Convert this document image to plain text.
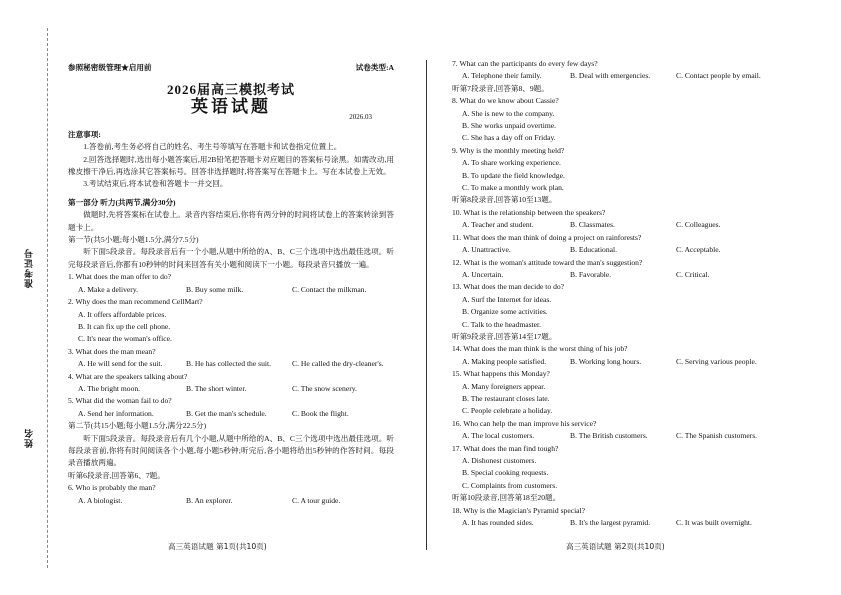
准考证号
姓名
参照秘密级管理★启用前	试卷类型:A
2026届高三模拟考试
英语试题	2026.03
注意事项:
1.答卷前,考生务必将自己的姓名、考生号等填写在答题卡和试卷指定位置上。
2.回答选择题时,选出每小题答案后,用2B铅笔把答题卡对应题目的答案标号涂黑。如需改动,用橡皮擦干净后,再选涂其它答案标号。回答非选择题时,将答案写在答题卡上。写在本试卷上无效。
3.考试结束后,将本试卷和答题卡一并交回。
第一部分 听力(共两节,满分30分)
做题时,先将答案标在试卷上。录音内容结束后,你将有两分钟的时间将试卷上的答案转涂到答题卡上。
第一节(共5小题;每小题1.5分,满分7.5分)
听下面5段录音。每段录音后有一个小题,从题中所给的A、B、C三个选项中选出最佳选项。听完每段录音后,你都有10秒钟的时间来回答有关小题和阅读下一小题。每段录音只播放一遍。
1. What does the man offer to do?
A. Make a delivery.	B. Buy some milk.	C. Contact the milkman.
2. Why does the man recommend CellMart?
A. It offers affordable prices.
B. It can fix up the cell phone.
C. It's near the woman's office.
3. What does the man mean?
A. He will send for the suit.	B. He has collected the suit.	C. He called the dry-cleaner's.
4. What are the speakers talking about?
A. The bright moon.	B. The short winter.	C. The snow scenery.
5. What did the woman fail to do?
A. Send her information.	B. Get the man's schedule.	C. Book the flight.
第二节(共15小题;每小题1.5分,满分22.5分)
听下面5段录音。每段录音后有几个小题,从题中所给的A、B、C三个选项中选出最佳选项。听每段录音前,你将有时间阅读各个小题,每小题5秒钟;听完后,各小题将给出5秒钟的作答时间。每段录音播放两遍。
听第6段录音,回答第6、7题。
6. Who is probably the man?
A. A biologist.	B. An explorer.	C. A tour guide.
7. What can the participants do every few days?
A. Telephone their family.	B. Deal with emergencies.	C. Contact people by email.
听第7段录音,回答第8、9题。
8. What do we know about Cassie?
A. She is new to the company.
B. She works unpaid overtime.
C. She has a day off on Friday.
9. Why is the monthly meeting held?
A. To share working experience.
B. To update the field knowledge.
C. To make a monthly work plan.
听第8段录音,回答第10至13题。
10. What is the relationship between the speakers?
A. Teacher and student.	B. Classmates.	C. Colleagues.
11. What does the man think of doing a project on rainforests?
A. Unattractive.	B. Educational.	C. Acceptable.
12. What is the woman's attitude toward the man's suggestion?
A. Uncertain.	B. Favorable.	C. Critical.
13. What does the man decide to do?
A. Surf the Internet for ideas.
B. Organize some activities.
C. Talk to the headmaster.
听第9段录音,回答第14至17题。
14. What does the man think is the worst thing of his job?
A. Making people satisfied.	B. Working long hours.	C. Serving various people.
15. What happens this Monday?
A. Many foreigners appear.
B. The restaurant closes late.
C. People celebrate a holiday.
16. Who can help the man improve his service?
A. The local customers.	B. The British customers.	C. The Spanish customers.
17. What does the man find tough?
A. Dishonest customers.
B. Special cooking requests.
C. Complaints from customers.
听第10段录音,回答第18至20题。
18. Why is the Magician's Pyramid special?
A. It has rounded sides.	B. It's the largest pyramid.	C. It was built overnight.
高三英语试题 第1页(共10页)	高三英语试题 第2页(共10页)
